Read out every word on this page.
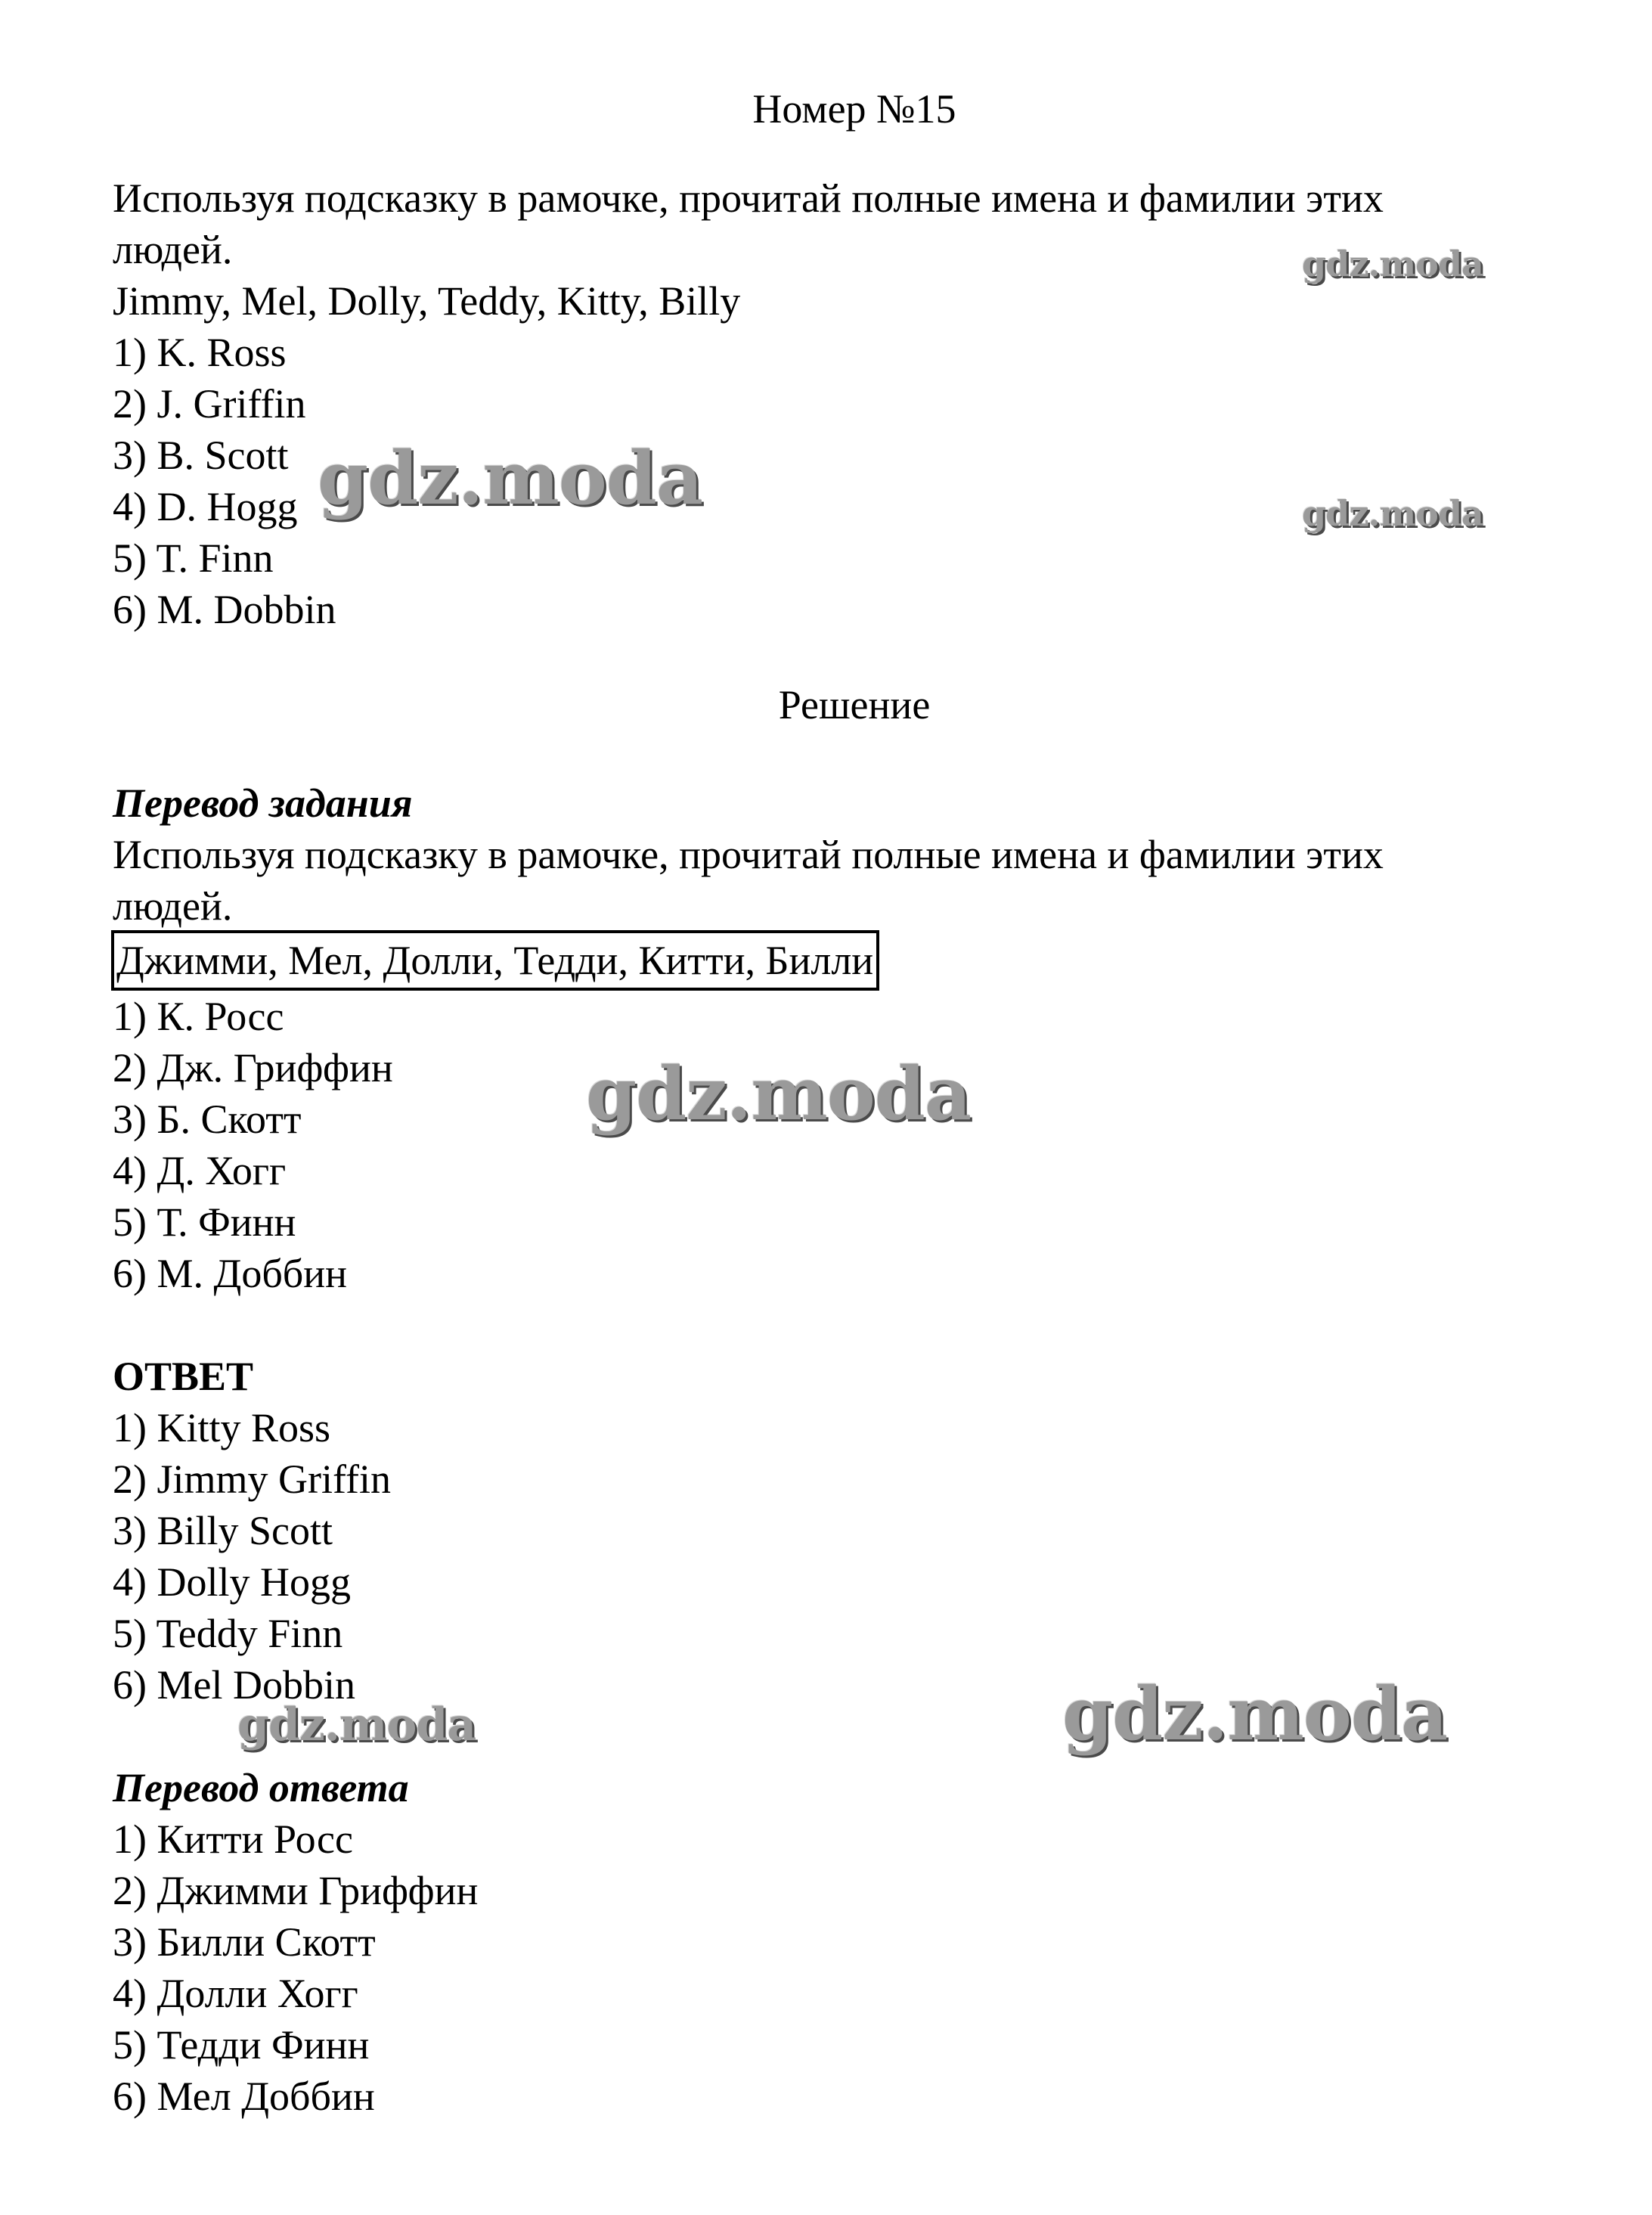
Номер №15
Используя подсказку в рамочке, прочитай полные имена и фамилии этих
людей.
Jimmy, Mel, Dolly, Teddy, Kitty, Billy
1) K. Ross
2) J. Griffin
3) B. Scott
4) D. Hogg
5) T. Finn
6) M. Dobbin
Решение
Перевод задания
Используя подсказку в рамочке, прочитай полные имена и фамилии этих
людей.
Джимми, Мел, Долли, Тедди, Китти, Билли
1) К. Росс
2) Дж. Гриффин
3) Б. Скотт
4) Д. Хогг
5) Т. Финн
6) М. Доббин
ОТВЕТ
1) Kitty Ross
2) Jimmy Griffin
3) Billy Scott
4) Dolly Hogg
5) Teddy Finn
6) Mel Dobbin
Перевод ответа
1) Китти Росс
2) Джимми Гриффин
3) Билли Скотт
4) Долли Хогг
5) Тедди Финн
6) Мел Доббин
gdz.moda
gdz.moda	gdz.moda
gdz.moda
gdz.moda
gdz.moda
